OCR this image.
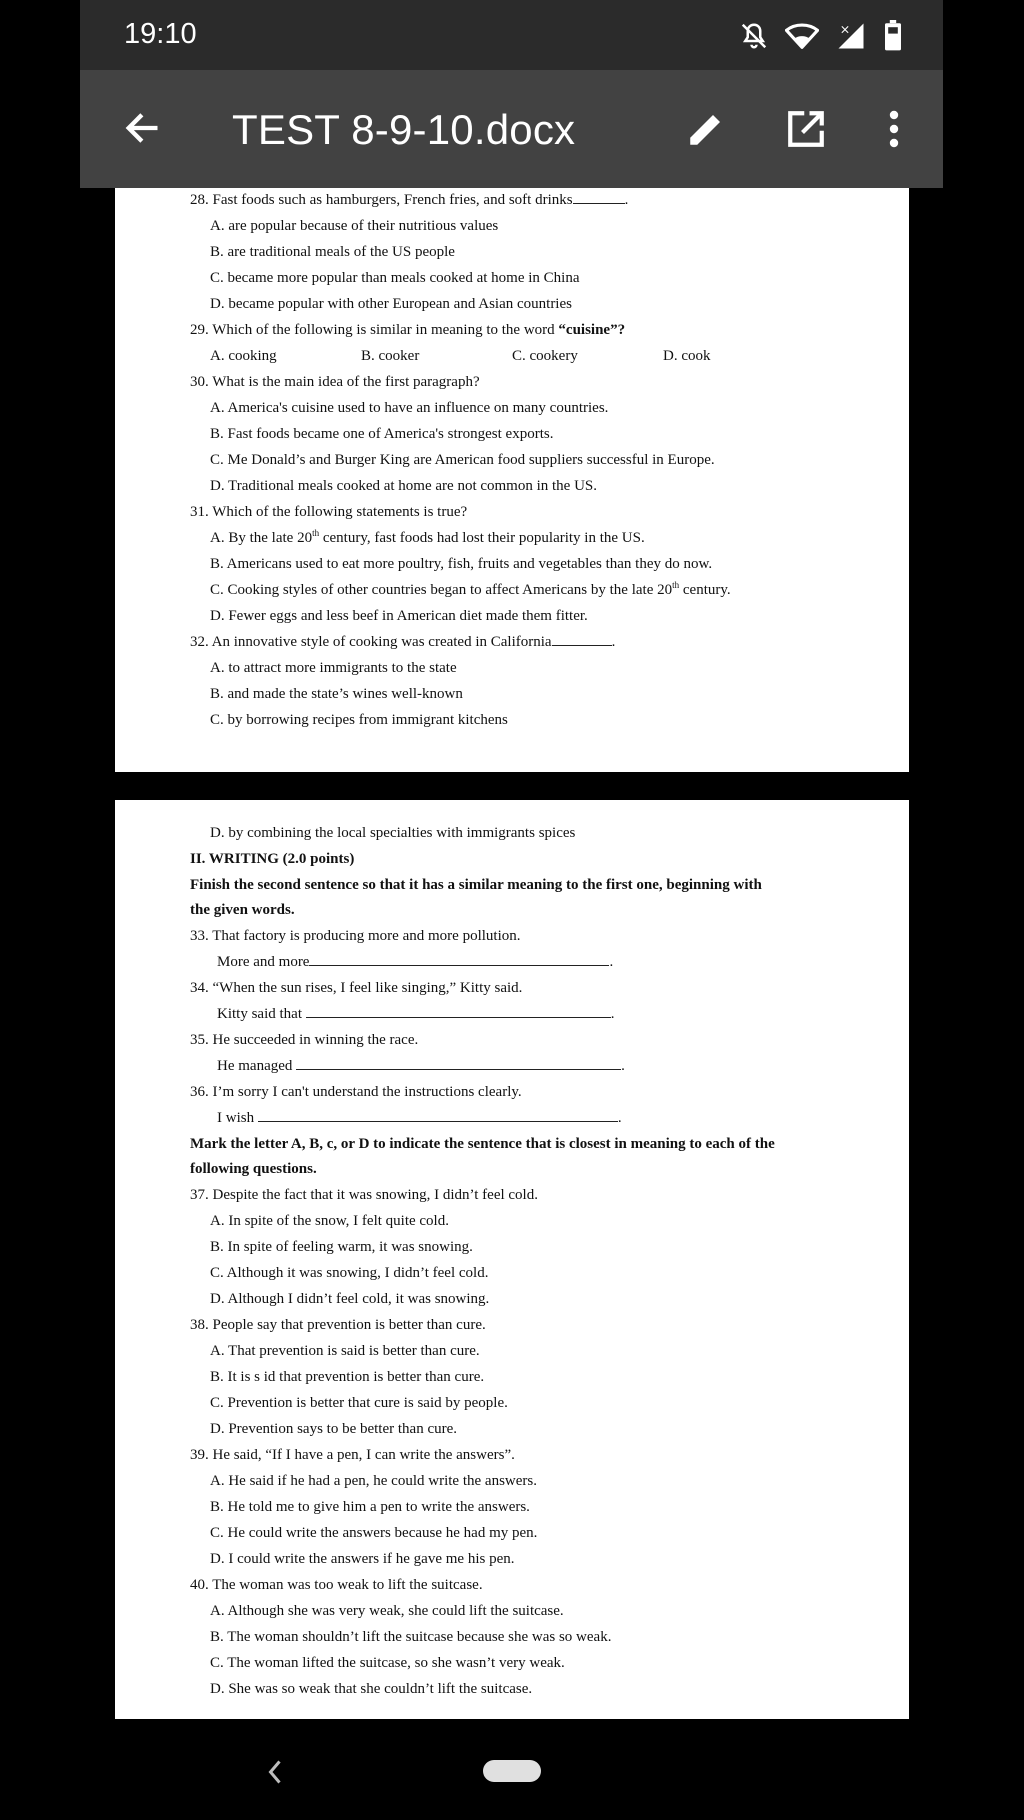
19:10	×
TEST 8-9-10.docx
28. Fast foods such as hamburgers, French fries, and soft drinks	.
A. are popular because of their nutritious values
B. are traditional meals of the US people
C. became more popular than meals cooked at home in China
D. became popular with other European and Asian countries
29. Which of the following is similar in meaning to the word “cuisine”?
A. cooking	B. cooker	C. cookery	D. cook
30. What is the main idea of the first paragraph?
A. America's cuisine used to have an influence on many countries.
B. Fast foods became one of America's strongest exports.
C. Me Donald’s and Burger King are American food suppliers successful in Europe.
D. Traditional meals cooked at home are not common in the US.
31. Which of the following statements is true?
A. By the late 20th century, fast foods had lost their popularity in the US.
B. Americans used to eat more poultry, fish, fruits and vegetables than they do now.
C. Cooking styles of other countries began to affect Americans by the late 20th century.
D. Fewer eggs and less beef in American diet made them fitter.
32. An innovative style of cooking was created in California	.
A. to attract more immigrants to the state
B. and made the state’s wines well-known
C. by borrowing recipes from immigrant kitchens
D. by combining the local specialties with immigrants spices
II. WRITING (2.0 points)
Finish the second sentence so that it has a similar meaning to the first one, beginning with
the given words.
33. That factory is producing more and more pollution.
More and more	.
34. “When the sun rises, I feel like singing,” Kitty said.
Kitty said that	.
35. He succeeded in winning the race.
He managed	.
36. I’m sorry I can't understand the instructions clearly.
I wish	.
Mark the letter A, B, c, or D to indicate the sentence that is closest in meaning to each of the
following questions.
37. Despite the fact that it was snowing, I didn’t feel cold.
A. In spite of the snow, I felt quite cold.
B. In spite of feeling warm, it was snowing.
C. Although it was snowing, I didn’t feel cold.
D. Although I didn’t feel cold, it was snowing.
38. People say that prevention is better than cure.
A. That prevention is said is better than cure.
B. It is s id that prevention is better than cure.
C. Prevention is better that cure is said by people.
D. Prevention says to be better than cure.
39. He said, “If I have a pen, I can write the answers”.
A. He said if he had a pen, he could write the answers.
B. He told me to give him a pen to write the answers.
C. He could write the answers because he had my pen.
D. I could write the answers if he gave me his pen.
40. The woman was too weak to lift the suitcase.
A. Although she was very weak, she could lift the suitcase.
B. The woman shouldn’t lift the suitcase because she was so weak.
C. The woman lifted the suitcase, so she wasn’t very weak.
D. She was so weak that she couldn’t lift the suitcase.
